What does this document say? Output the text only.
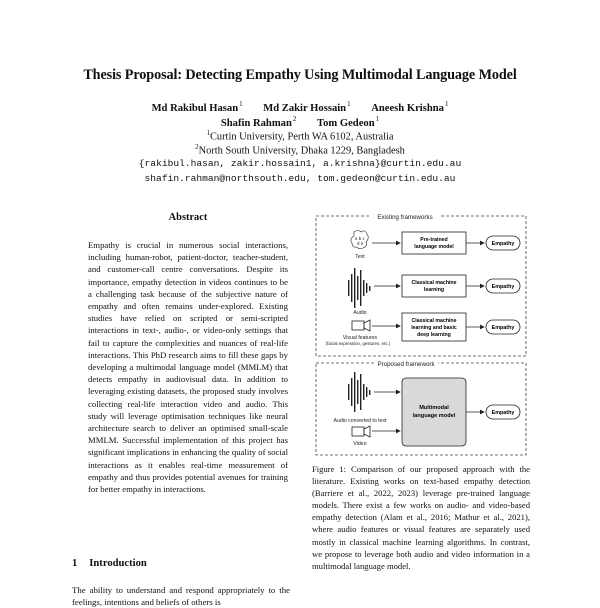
Thesis Proposal: Detecting Empathy Using Multimodal Language Model
Md Rakibul Hasan$^1$ Md Zakir Hossain$^1$ Aneesh Krishna$^1$
Shafin Rahman$^2$ Tom Gedeon$^1$
$^1$Curtin University, Perth WA 6102, Australia
$^2$North South University, Dhaka 1229, Bangladesh
{rakibul.hasan, zakir.hossain1, a.krishna}@curtin.edu.au
shafin.rahman@northsouth.edu, tom.gedeon@curtin.edu.au
Abstract
Empathy is crucial in numerous social interactions, including human-robot, patient-doctor, teacher-student, and customer-call centre conversations. Despite its importance, empathy detection in videos continues to be a challenging task because of the subjective nature of empathy and often remains under-explored. Existing studies have relied on scripted or semi-scripted interactions in text-, audio-, or video-only settings that fail to capture the complexities and nuances of real-life interactions. This PhD research aims to fill these gaps by developing a multimodal language model (MMLM) that detects empathy in audiovisual data. In addition to leveraging existing datasets, the proposed study involves collecting real-life interaction video and audio. This study will leverage optimisation techniques like neural architecture search to deliver an optimised small-scale MMLM. Successful implementation of this project has significant implications in enhancing the quality of social interactions as it enables real-time measurement of empathy and thus provides potential avenues for training for better empathy in interactions.
1 Introduction
The ability to understand and respond appropriately to the feelings, intentions and beliefs of others is
Existing frameworks
a b c
d e
Text
Audio
Visual features
(facial expression, gestures, etc.)
Pre-trained
language model
Classical machine
learning
Classical machine
learning and basic
deep learning
Empathy
Empathy
Empathy
Proposed framework
Audio converted to text
Video
Multimodal
language model	Empathy
Figure 1: Comparison of our proposed approach with the literature. Existing works on text-based empathy detection (Barriere et al., 2022, 2023) leverage pre-trained language models. There exist a few works on audio- and video-based empathy detection (Alam et al., 2016; Mathur et al., 2021), where audio features or visual features are separately used mostly in classical machine learning algorithms. In contrast, we propose to leverage both audio and video information in a multimodal language model.
